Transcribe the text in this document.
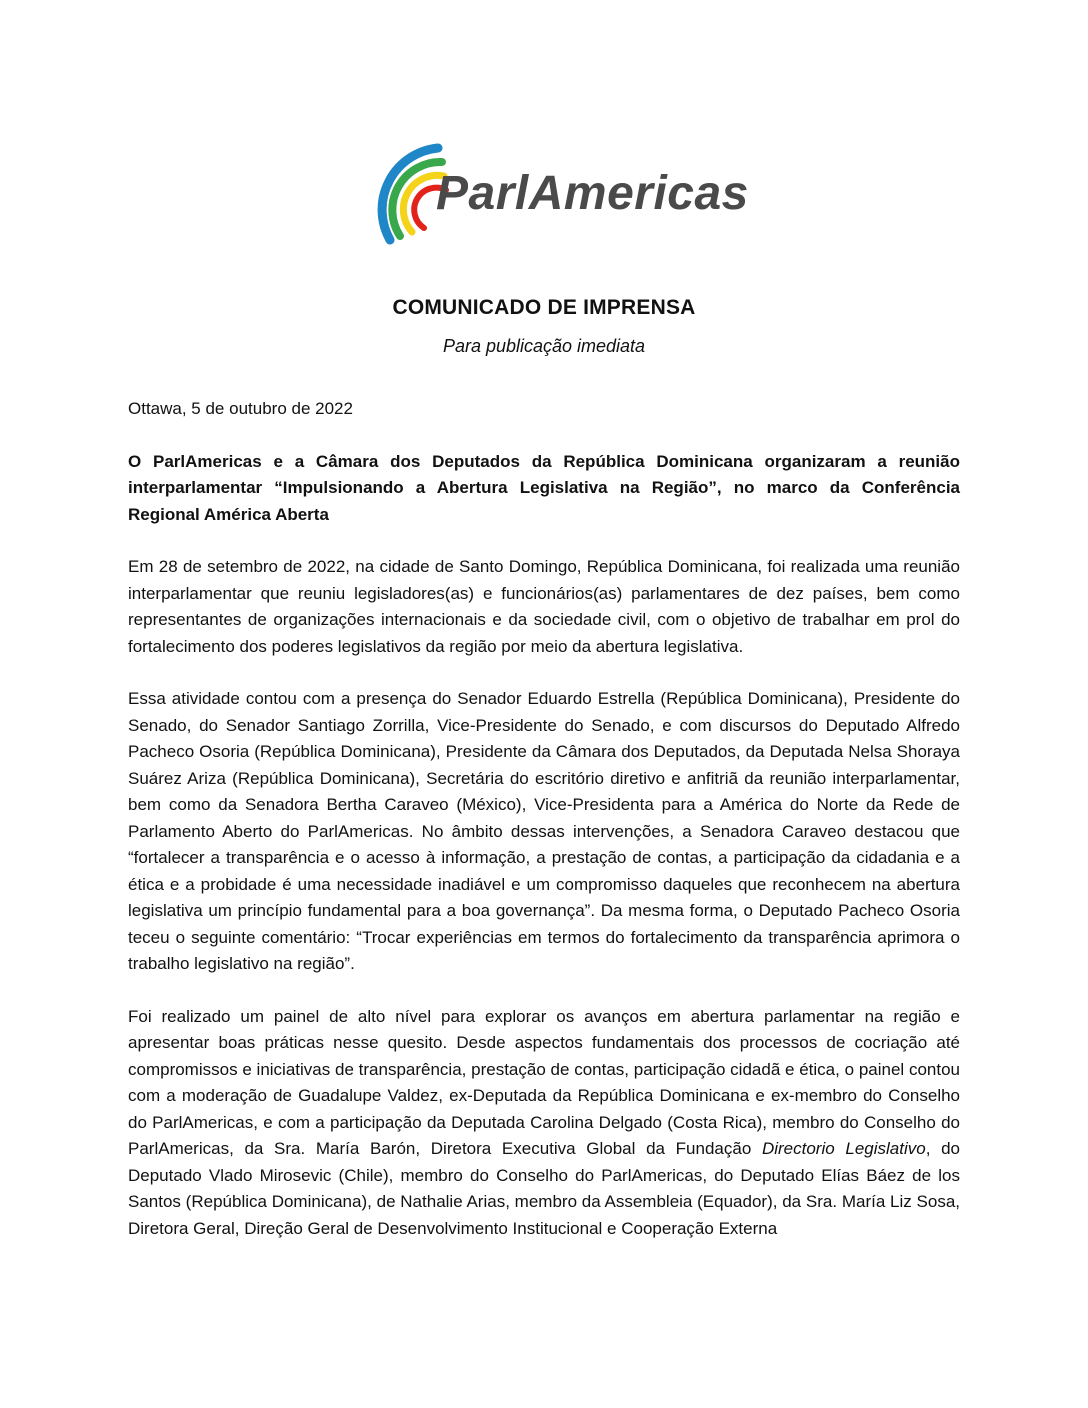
ParlAmericas
COMUNICADO DE IMPRENSA
Para publicação imediata

Ottawa, 5 de outubro de 2022

O ParlAmericas e a Câmara dos Deputados da República Dominicana organizaram a reunião interparlamentar “Impulsionando a Abertura Legislativa na Região”, no marco da Conferência Regional América Aberta

Em 28 de setembro de 2022, na cidade de Santo Domingo, República Dominicana, foi realizada uma reunião interparlamentar que reuniu legisladores(as) e funcionários(as) parlamentares de dez países, bem como representantes de organizações internacionais e da sociedade civil, com o objetivo de trabalhar em prol do fortalecimento dos poderes legislativos da região por meio da abertura legislativa.

Essa atividade contou com a presença do Senador Eduardo Estrella (República Dominicana), Presidente do Senado, do Senador Santiago Zorrilla, Vice-Presidente do Senado, e com discursos do Deputado Alfredo Pacheco Osoria (República Dominicana), Presidente da Câmara dos Deputados, da Deputada Nelsa Shoraya Suárez Ariza (República Dominicana), Secretária do escritório diretivo e anfitriã da reunião interparlamentar, bem como da Senadora Bertha Caraveo (México), Vice-Presidenta para a América do Norte da Rede de Parlamento Aberto do ParlAmericas. No âmbito dessas intervenções, a Senadora Caraveo destacou que “fortalecer a transparência e o acesso à informação, a prestação de contas, a participação da cidadania e a ética e a probidade é uma necessidade inadiável e um compromisso daqueles que reconhecem na abertura legislativa um princípio fundamental para a boa governança”. Da mesma forma, o Deputado Pacheco Osoria teceu o seguinte comentário: “Trocar experiências em termos do fortalecimento da transparência aprimora o trabalho legislativo na região”.

Foi realizado um painel de alto nível para explorar os avanços em abertura parlamentar na região e apresentar boas práticas nesse quesito. Desde aspectos fundamentais dos processos de cocriação até compromissos e iniciativas de transparência, prestação de contas, participação cidadã e ética, o painel contou com a moderação de Guadalupe Valdez, ex-Deputada da República Dominicana e ex-membro do Conselho do ParlAmericas, e com a participação da Deputada Carolina Delgado (Costa Rica), membro do Conselho do ParlAmericas, da Sra. María Barón, Diretora Executiva Global da Fundação Directorio Legislativo, do Deputado Vlado Mirosevic (Chile), membro do Conselho do ParlAmericas, do Deputado Elías Báez de los Santos (República Dominicana), de Nathalie Arias, membro da Assembleia (Equador), da Sra. María Liz Sosa, Diretora Geral, Direção Geral de Desenvolvimento Institucional e Cooperação Externa
